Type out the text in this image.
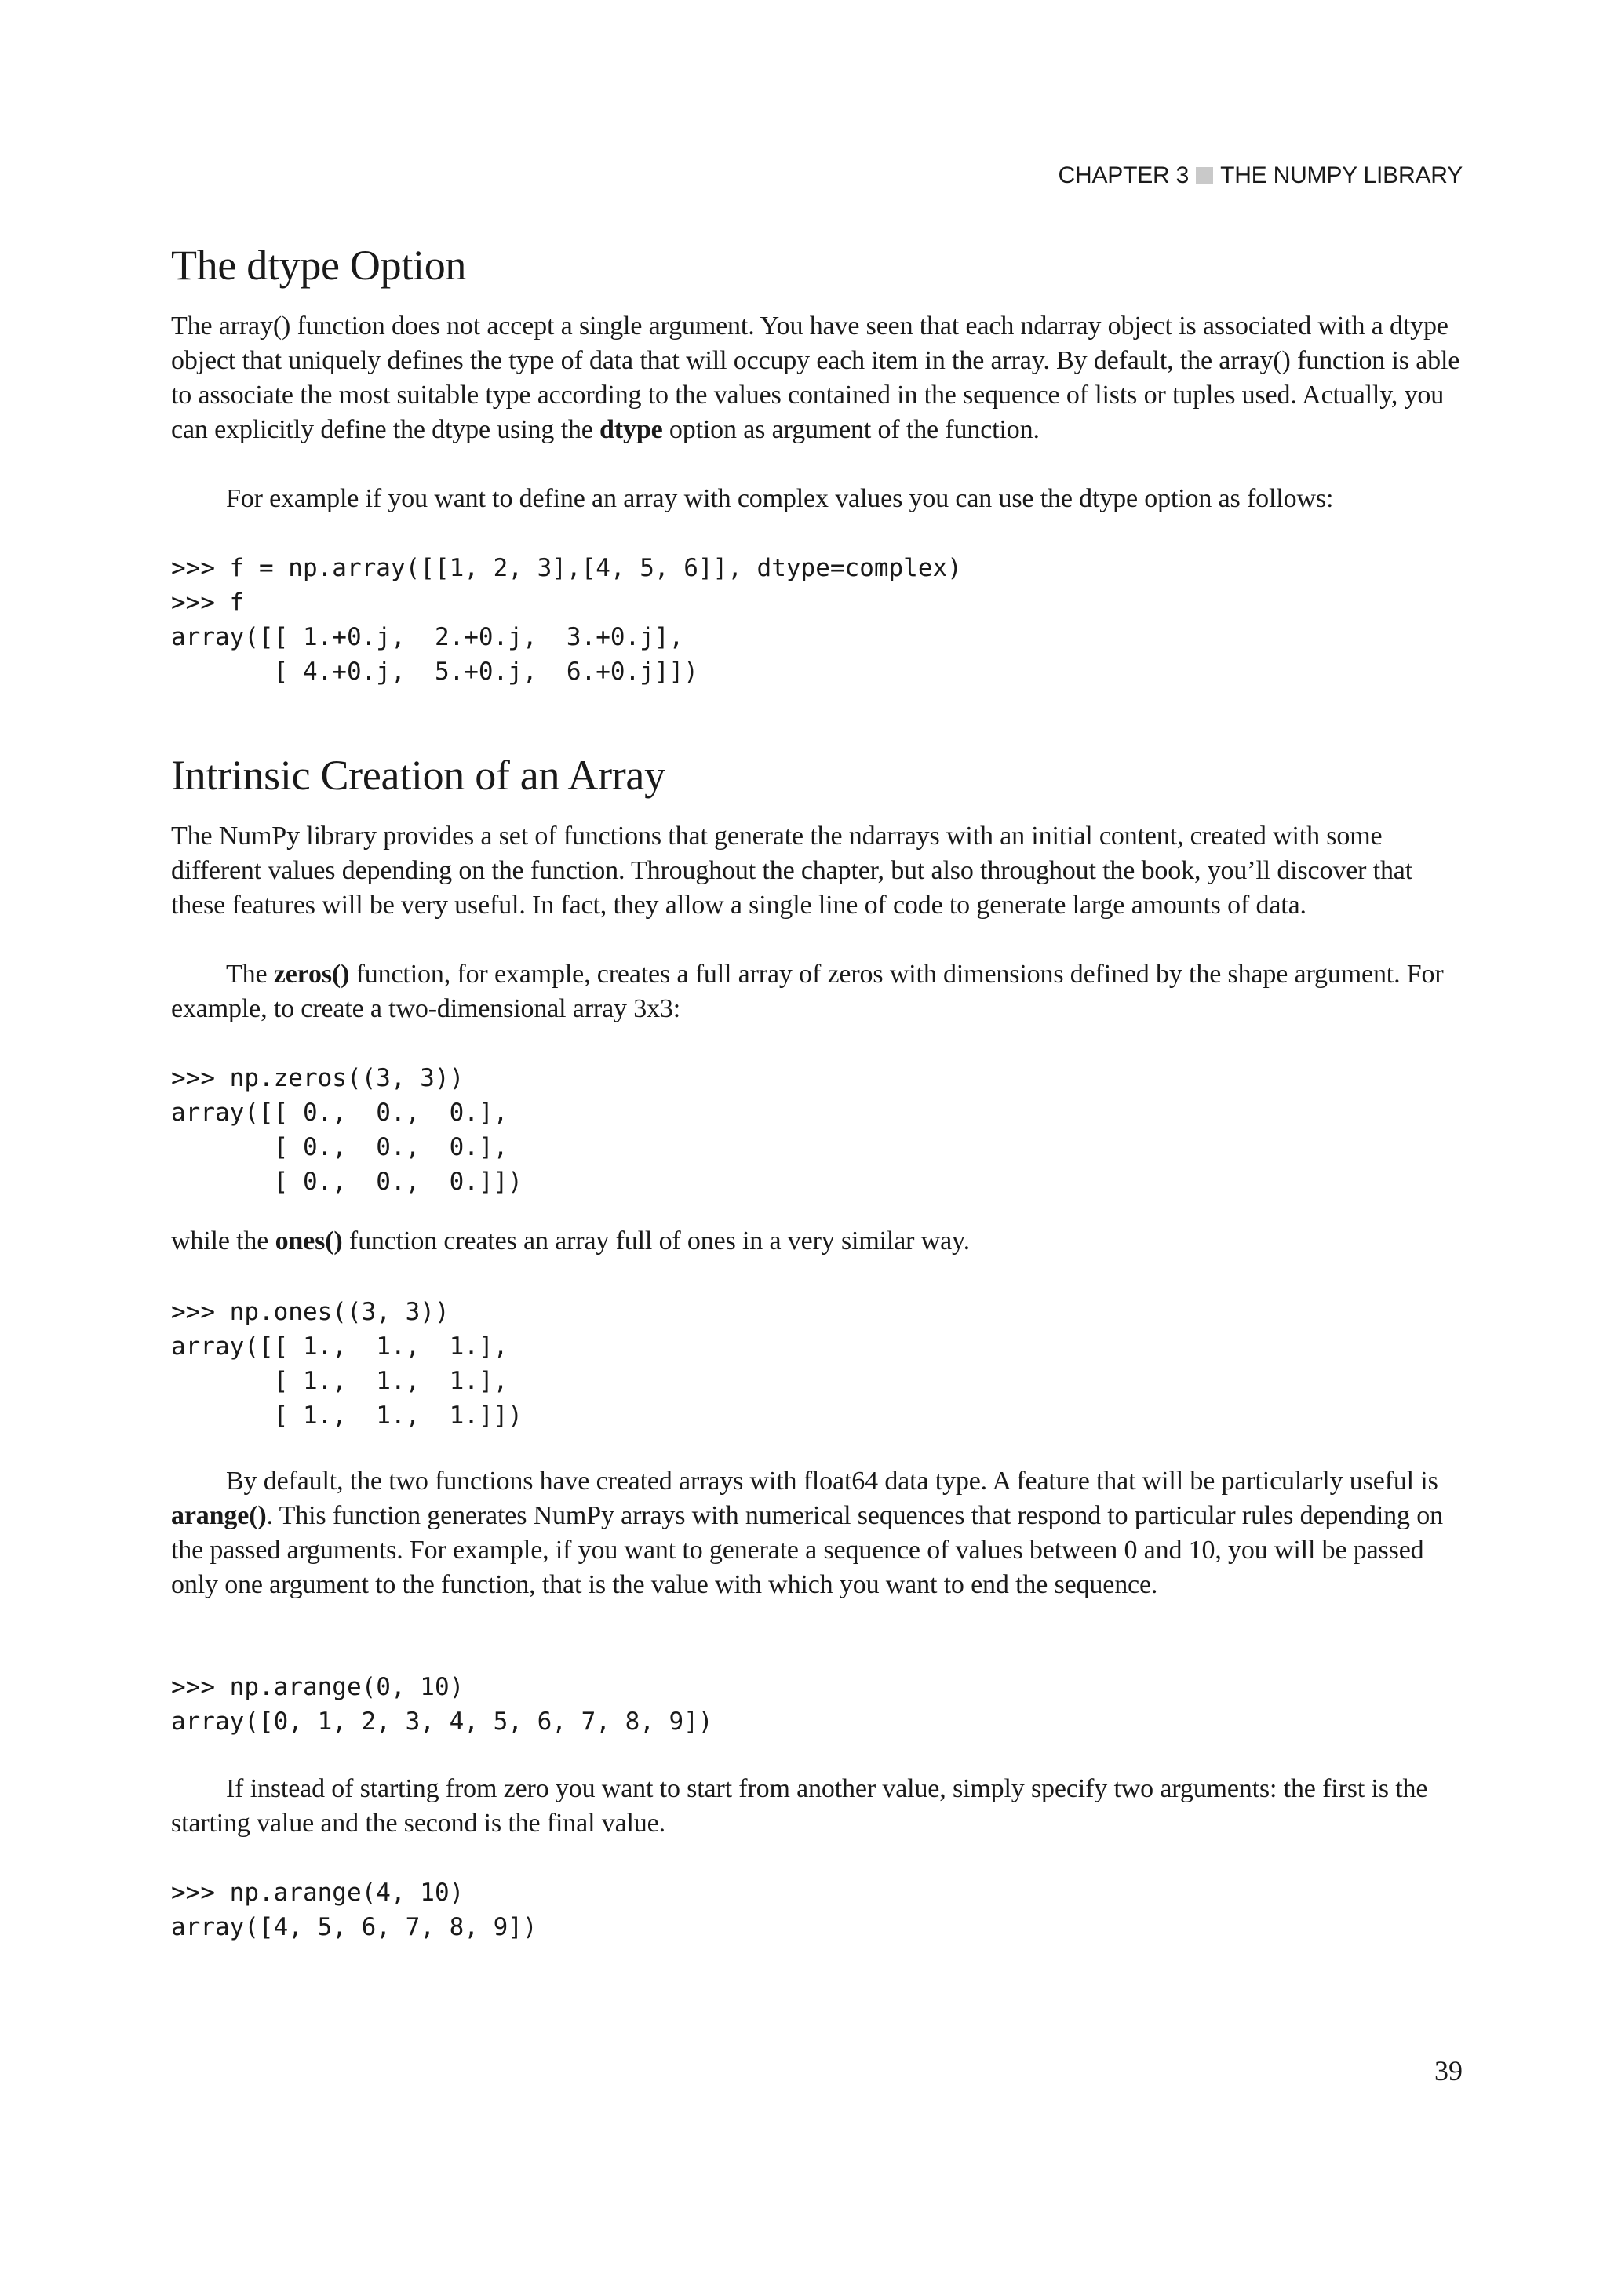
CHAPTER 3 THE NUMPY LIBRARY
The dtype Option

The array() function does not accept a single argument. You have seen that each ndarray object is associated with a dtype object that uniquely defines the type of data that will occupy each item in the array. By default, the array() function is able to associate the most suitable type according to the values contained in the sequence of lists or tuples used. Actually, you can explicitly define the dtype using the dtype option as argument of the function.

For example if you want to define an array with complex values you can use the dtype option as follows:

>>> f = np.array([[1, 2, 3],[4, 5, 6]], dtype=complex)
>>> f
array([[ 1.+0.j,  2.+0.j,  3.+0.j],
[ 4.+0.j,  5.+0.j,  6.+0.j]])
Intrinsic Creation of an Array

The NumPy library provides a set of functions that generate the ndarrays with an initial content, created with some different values depending on the function. Throughout the chapter, but also throughout the book, you’ll discover that these features will be very useful. In fact, they allow a single line of code to generate large amounts of data.

The zeros() function, for example, creates a full array of zeros with dimensions defined by the shape argument. For example, to create a two-dimensional array 3x3:

>>> np.zeros((3, 3))
array([[ 0.,  0.,  0.],
[ 0.,  0.,  0.],
[ 0.,  0.,  0.]])

while the ones() function creates an array full of ones in a very similar way.

>>> np.ones((3, 3))
array([[ 1.,  1.,  1.],
[ 1.,  1.,  1.],
[ 1.,  1.,  1.]])

By default, the two functions have created arrays with float64 data type. A feature that will be particularly useful is arange(). This function generates NumPy arrays with numerical sequences that respond to particular rules depending on the passed arguments. For example, if you want to generate a sequence of values between 0 and 10, you will be passed only one argument to the function, that is the value with which you want to end the sequence.

>>> np.arange(0, 10)
array([0, 1, 2, 3, 4, 5, 6, 7, 8, 9])

If instead of starting from zero you want to start from another value, simply specify two arguments: the first is the starting value and the second is the final value.

>>> np.arange(4, 10)
array([4, 5, 6, 7, 8, 9])
39
